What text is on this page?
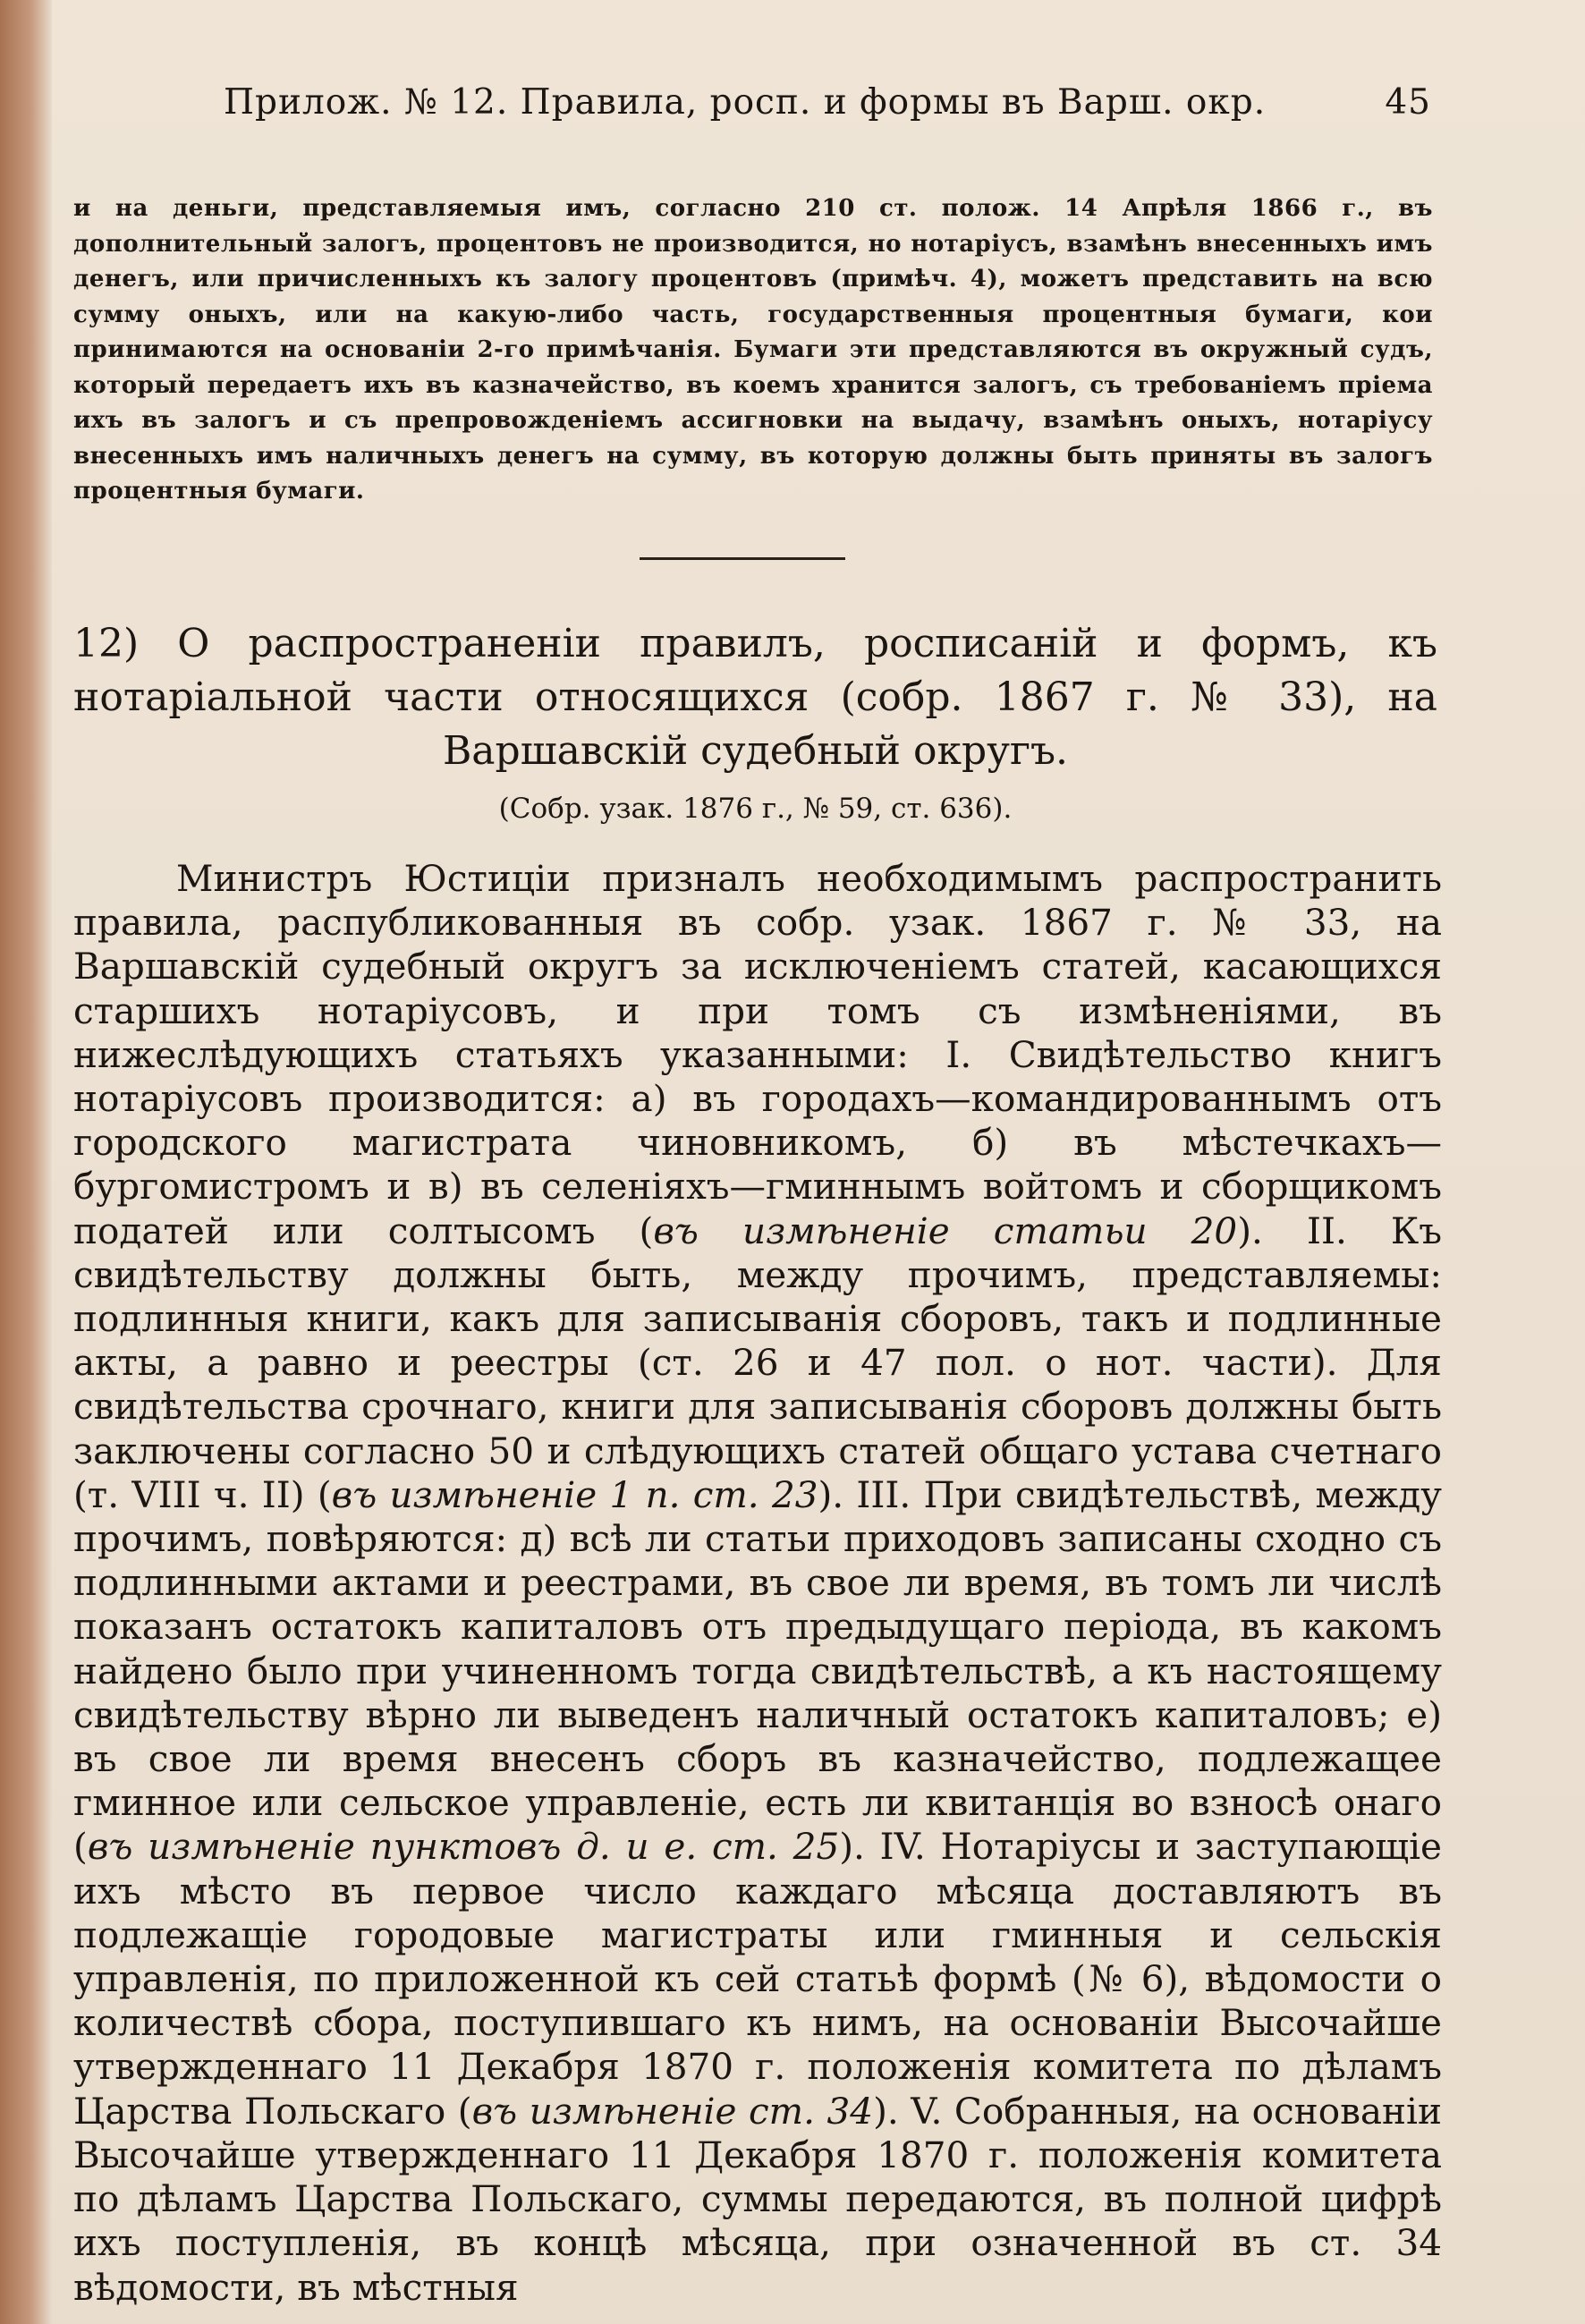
Прилож. № 12. Правила, росп. и формы въ Варш. окр.	45
и на деньги, представляемыя имъ, согласно 210 ст. полож. 14 Апрѣля 1866 г., въ дополнительный залогъ, процентовъ не производится, но нотаріусъ, взамѣнъ внесенныхъ имъ денегъ, или причисленныхъ къ залогу процентовъ (примѣч. 4), можетъ представить на всю сумму оныхъ, или на какую-либо часть, государственныя процентныя бумаги, кои принимаются на основаніи 2-го примѣчанія. Бумаги эти представляются въ окружный судъ, который передаетъ ихъ въ казначейство, въ коемъ хранится залогъ, съ требованіемъ пріема ихъ въ залогъ и съ препровожденіемъ ассигновки на выдачу, взамѣнъ оныхъ, нотаріусу внесенныхъ имъ наличныхъ денегъ на сумму, въ которую должны быть приняты въ залогъ процентныя бумаги.
12) О распространеніи правилъ, росписаній и формъ, къ нотаріальной части относящихся (собр. 1867 г. № 33), на Варшавскій судебный округъ.
(Собр. узак. 1876 г., № 59, ст. 636).

Министръ Юстиціи призналъ необходимымъ распространить правила, распубликованныя въ собр. узак. 1867 г. № 33, на Варшавскій судебный округъ за исключеніемъ статей, касающихся старшихъ нотаріусовъ, и при томъ съ измѣненіями, въ нижеслѣдующихъ статьяхъ указанными: I. Свидѣтельство книгъ нотаріусовъ производится: а) въ городахъ—командированнымъ отъ городского магистрата чиновникомъ, б) въ мѣстечкахъ—бургомистромъ и в) въ селеніяхъ—гминнымъ войтомъ и сборщикомъ податей или солтысомъ (въ измѣненіе статьи 20). II. Къ свидѣтельству должны быть, между прочимъ, представляемы: подлинныя книги, какъ для записыванія сборовъ, такъ и подлинные акты, а равно и реестры (ст. 26 и 47 пол. о нот. части). Для свидѣтельства срочнаго, книги для записыванія сборовъ должны быть заключены согласно 50 и слѣдующихъ статей общаго устава счетнаго (т. VIII ч. II) (въ измѣненіе 1 п. ст. 23). III. При свидѣтельствѣ, между прочимъ, повѣряются: д) всѣ ли статьи приходовъ записаны сходно съ подлинными актами и реестрами, въ свое ли время, въ томъ ли числѣ показанъ остатокъ капиталовъ отъ предыдущаго періода, въ какомъ найдено было при учиненномъ тогда свидѣтельствѣ, а къ настоящему свидѣтельству вѣрно ли выведенъ наличный остатокъ капиталовъ; е) въ свое ли время внесенъ сборъ въ казначейство, подлежащее гминное или сельское управленіе, есть ли квитанція во взносѣ онаго (въ измѣненіе пунктовъ д. и е. ст. 25). IV. Нотаріусы и заступающіе ихъ мѣсто въ первое число каждаго мѣсяца доставляютъ въ подлежащіе городовые магистраты или гминныя и сельскія управленія, по приложенной къ сей статьѣ формѣ (№ 6), вѣдомости о количествѣ сбора, поступившаго къ нимъ, на основаніи Высочайше утвержденнаго 11 Декабря 1870 г. положенія комитета по дѣламъ Царства Польскаго (въ измѣненіе ст. 34). V. Собранныя, на основаніи Высочайше утвержденнаго 11 Декабря 1870 г. положенія комитета по дѣламъ Царства Польскаго, суммы передаются, въ полной цифрѣ ихъ поступленія, въ концѣ мѣсяца, при означенной въ ст. 34 вѣдомости, въ мѣстныя
